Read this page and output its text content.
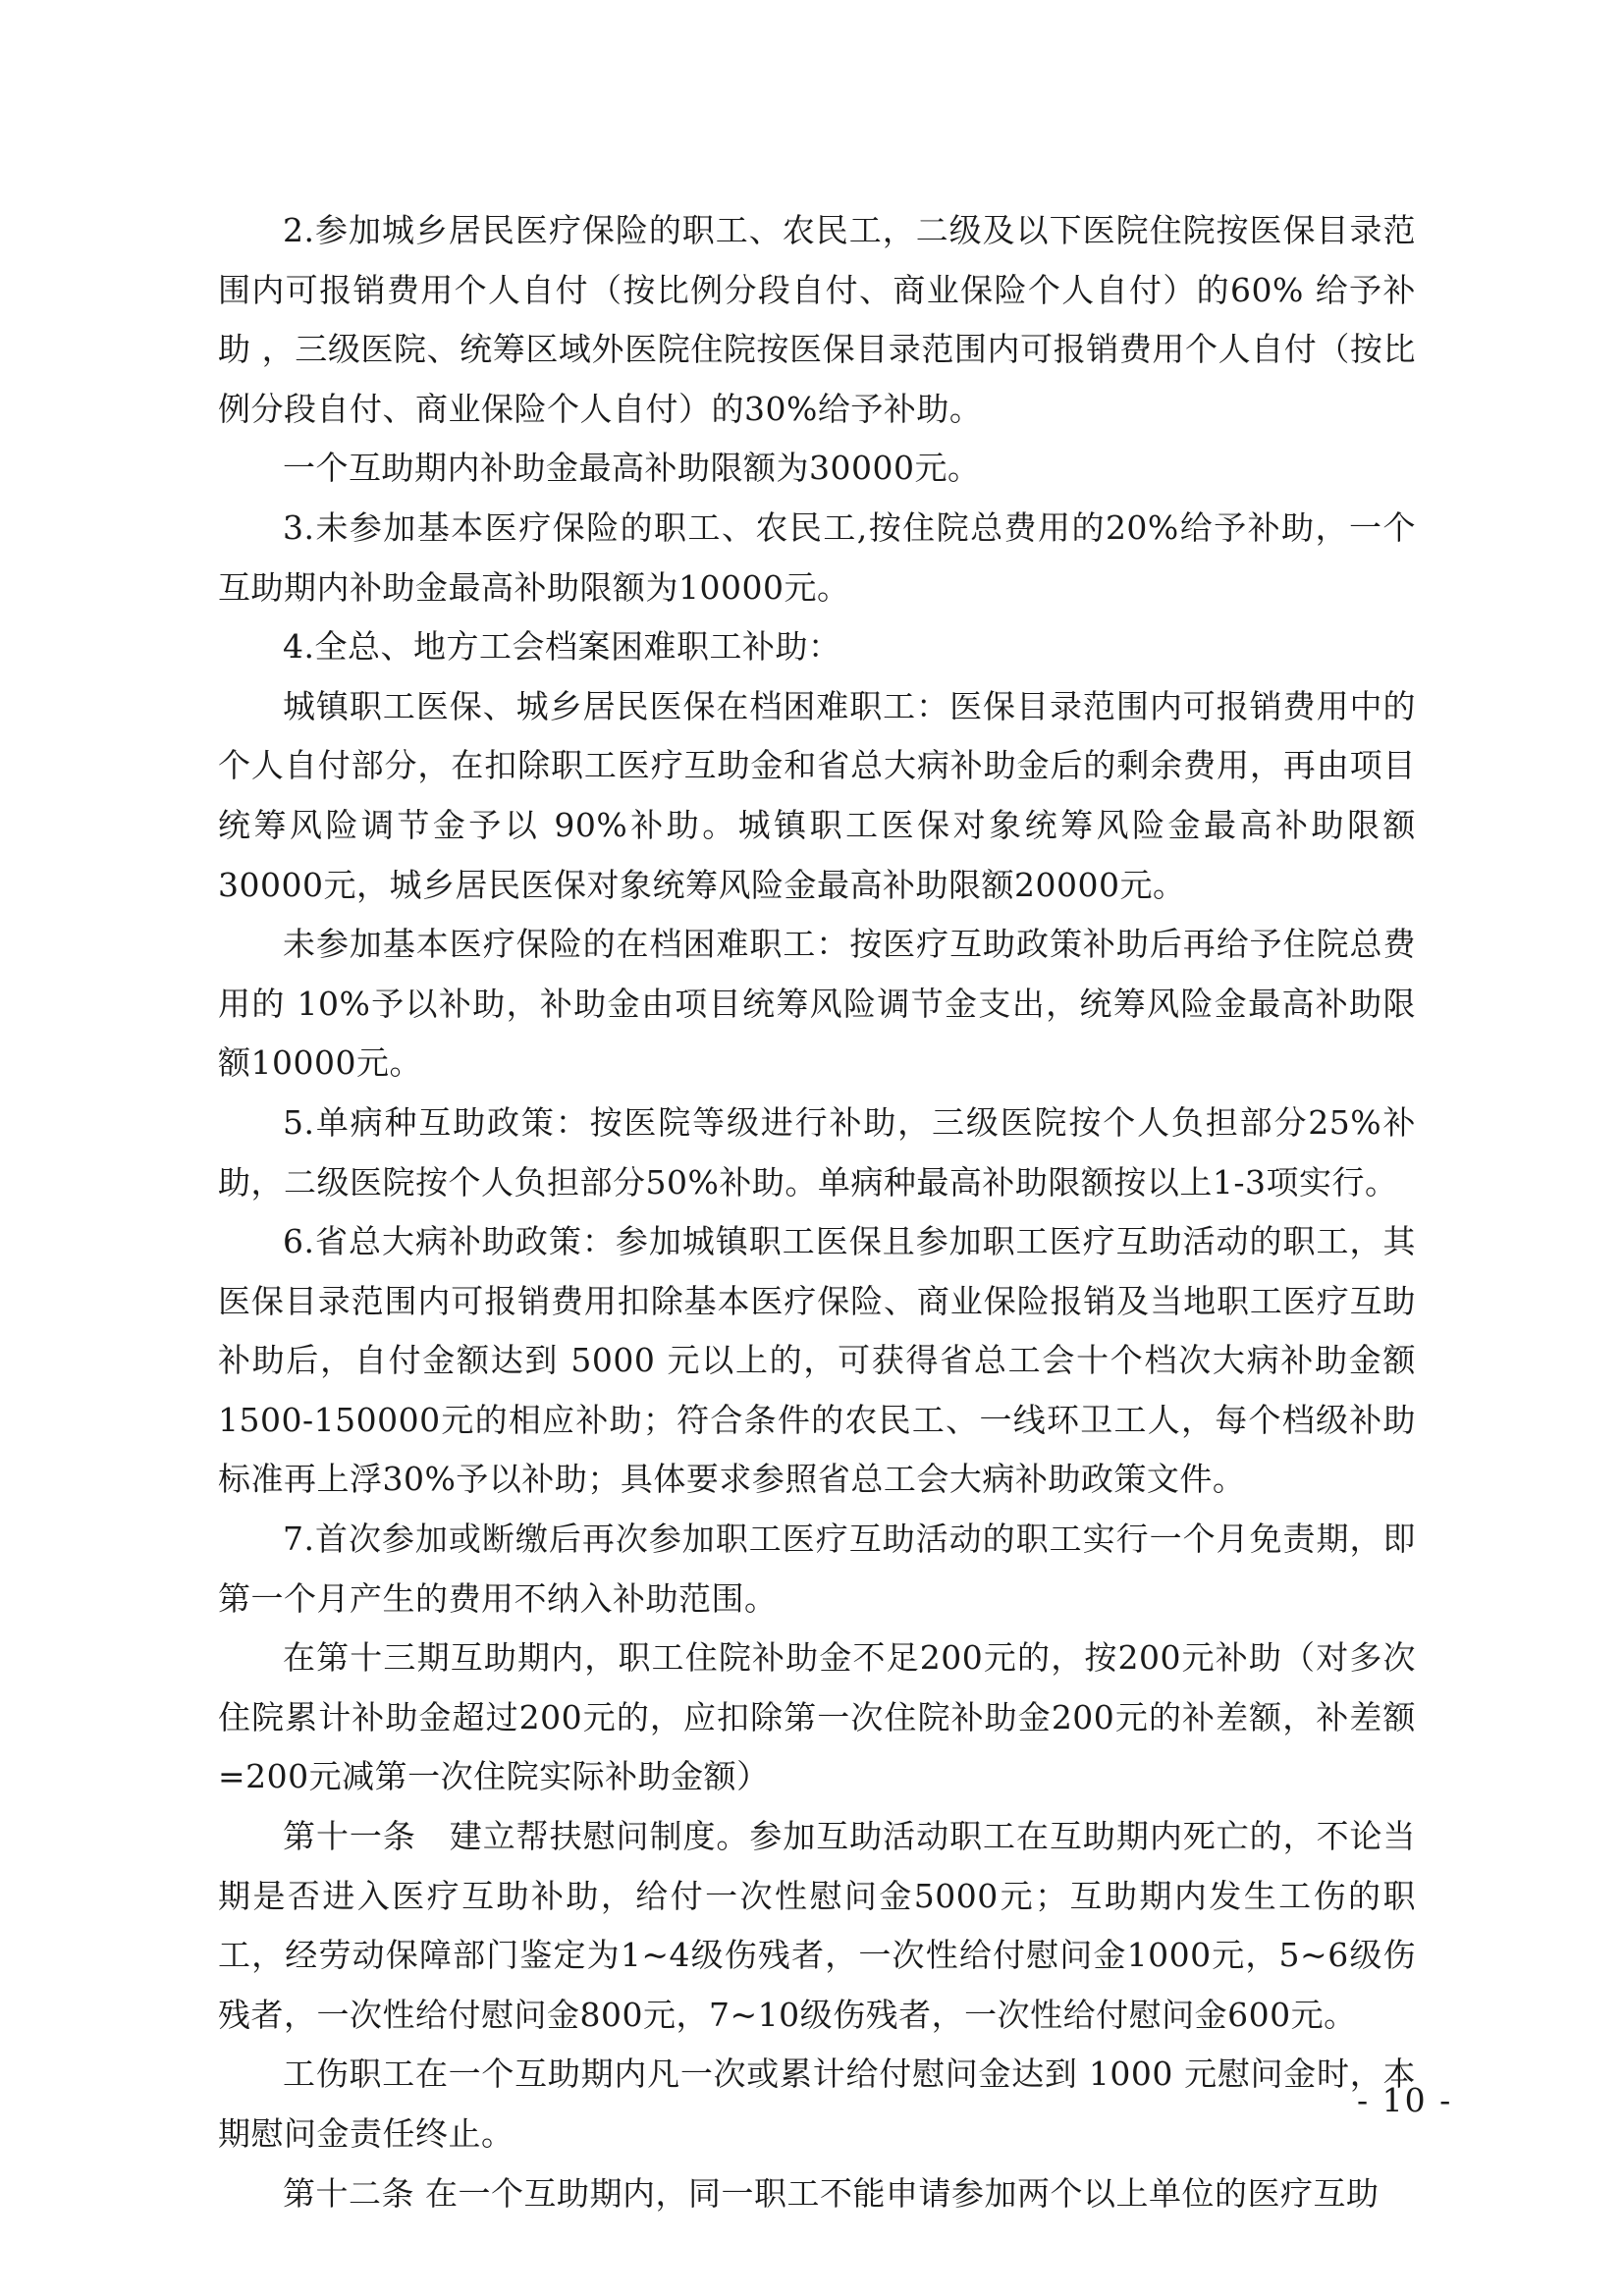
2.参加城乡居民医疗保险的职工、农民工，二级及以下医院住院按医保目录范围内可报销费用个人自付（按比例分段自付、商业保险个人自付）的60% 给予补助 ，三级医院、统筹区域外医院住院按医保目录范围内可报销费用个人自付（按比例分段自付、商业保险个人自付）的30%给予补助。

一个互助期内补助金最高补助限额为30000元。

3.未参加基本医疗保险的职工、农民工,按住院总费用的20%给予补助，一个互助期内补助金最高补助限额为10000元。

4.全总、地方工会档案困难职工补助：

城镇职工医保、城乡居民医保在档困难职工：医保目录范围内可报销费用中的个人自付部分，在扣除职工医疗互助金和省总大病补助金后的剩余费用，再由项目统筹风险调节金予以 90%补助。城镇职工医保对象统筹风险金最高补助限额 30000元，城乡居民医保对象统筹风险金最高补助限额20000元。

未参加基本医疗保险的在档困难职工：按医疗互助政策补助后再给予住院总费用的 10%予以补助，补助金由项目统筹风险调节金支出，统筹风险金最高补助限额10000元。

5.单病种互助政策：按医院等级进行补助，三级医院按个人负担部分25%补助，二级医院按个人负担部分50%补助。单病种最高补助限额按以上1-3项实行。

6.省总大病补助政策：参加城镇职工医保且参加职工医疗互助活动的职工，其医保目录范围内可报销费用扣除基本医疗保险、商业保险报销及当地职工医疗互助补助后，自付金额达到 5000 元以上的，可获得省总工会十个档次大病补助金额1500-150000元的相应补助；符合条件的农民工、一线环卫工人，每个档级补助标准再上浮30%予以补助；具体要求参照省总工会大病补助政策文件。

7.首次参加或断缴后再次参加职工医疗互助活动的职工实行一个月免责期，即第一个月产生的费用不纳入补助范围。

在第十三期互助期内，职工住院补助金不足200元的，按200元补助（对多次住院累计补助金超过200元的，应扣除第一次住院补助金200元的补差额，补差额=200元减第一次住院实际补助金额）

第十一条　建立帮扶慰问制度。参加互助活动职工在互助期内死亡的，不论当期是否进入医疗互助补助，给付一次性慰问金5000元；互助期内发生工伤的职工，经劳动保障部门鉴定为1~4级伤残者，一次性给付慰问金1000元，5~6级伤残者，一次性给付慰问金800元，7~10级伤残者，一次性给付慰问金600元。

工伤职工在一个互助期内凡一次或累计给付慰问金达到 1000 元慰问金时，本期慰问金责任终止。

第十二条 在一个互助期内，同一职工不能申请参加两个以上单位的医疗互助

- 10 -
